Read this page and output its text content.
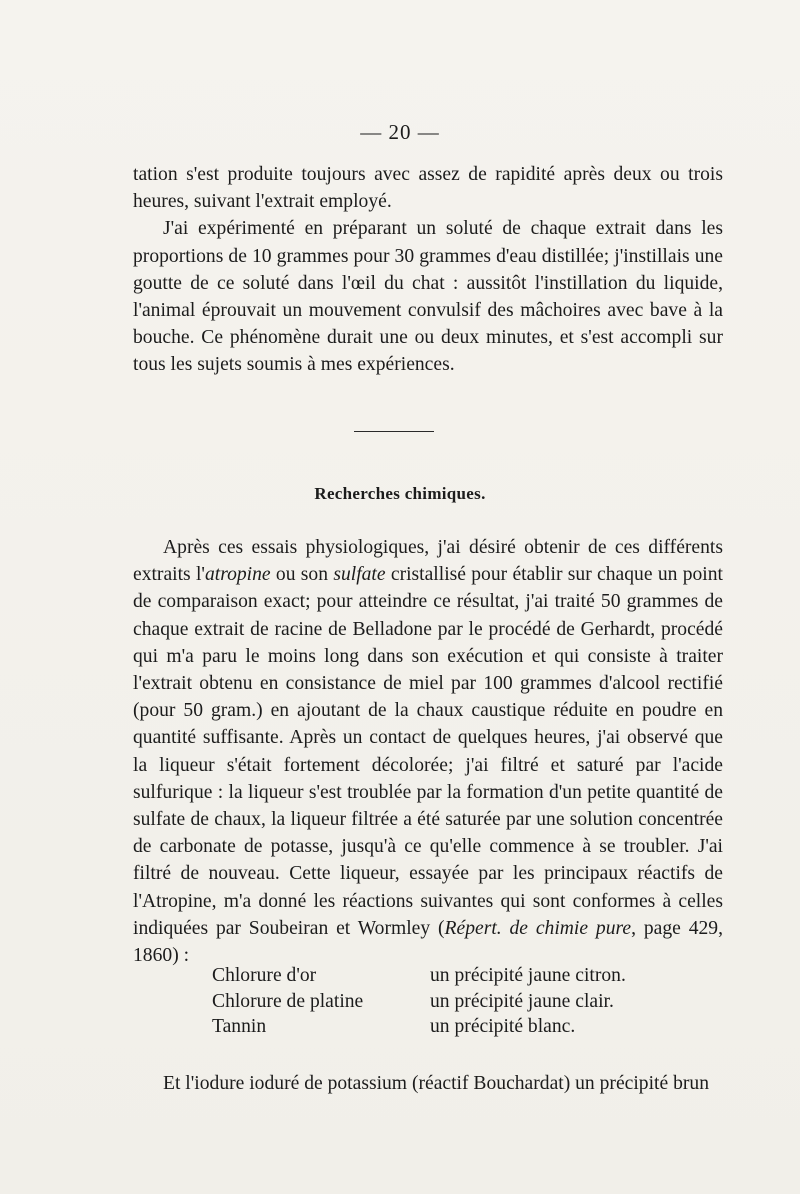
— 20 —

tation s'est produite toujours avec assez de rapidité après deux ou trois heures, suivant l'extrait employé.

J'ai expérimenté en préparant un soluté de chaque extrait dans les proportions de 10 grammes pour 30 grammes d'eau distillée; j'instillais une goutte de ce soluté dans l'œil du chat : aussitôt l'instillation du liquide, l'animal éprouvait un mouvement convulsif des mâchoires avec bave à la bouche. Ce phénomène durait une ou deux minutes, et s'est accompli sur tous les sujets soumis à mes expériences.

Recherches chimiques.

Après ces essais physiologiques, j'ai désiré obtenir de ces différents extraits l'atropine ou son sulfate cristallisé pour établir sur chaque un point de comparaison exact; pour atteindre ce résultat, j'ai traité 50 grammes de chaque extrait de racine de Belladone par le procédé de Gerhardt, procédé qui m'a paru le moins long dans son exécution et qui consiste à traiter l'extrait obtenu en consistance de miel par 100 grammes d'alcool rectifié (pour 50 gram.) en ajoutant de la chaux caustique réduite en poudre en quantité suffisante. Après un contact de quelques heures, j'ai observé que la liqueur s'était fortement décolorée; j'ai filtré et saturé par l'acide sulfurique : la liqueur s'est troublée par la formation d'un petite quantité de sulfate de chaux, la liqueur filtrée a été saturée par une solution concentrée de carbonate de potasse, jusqu'à ce qu'elle commence à se troubler. J'ai filtré de nouveau. Cette liqueur, essayée par les principaux réactifs de l'Atropine, m'a donné les réactions suivantes qui sont conformes à celles indiquées par Soubeiran et Wormley (Répert. de chimie pure, page 429, 1860) :

Chlorure d'or	un précipité jaune citron.
Chlorure de platine	un précipité jaune clair.
Tannin	un précipité blanc.
Et l'iodure ioduré de potassium (réactif Bouchardat) un précipité brun
